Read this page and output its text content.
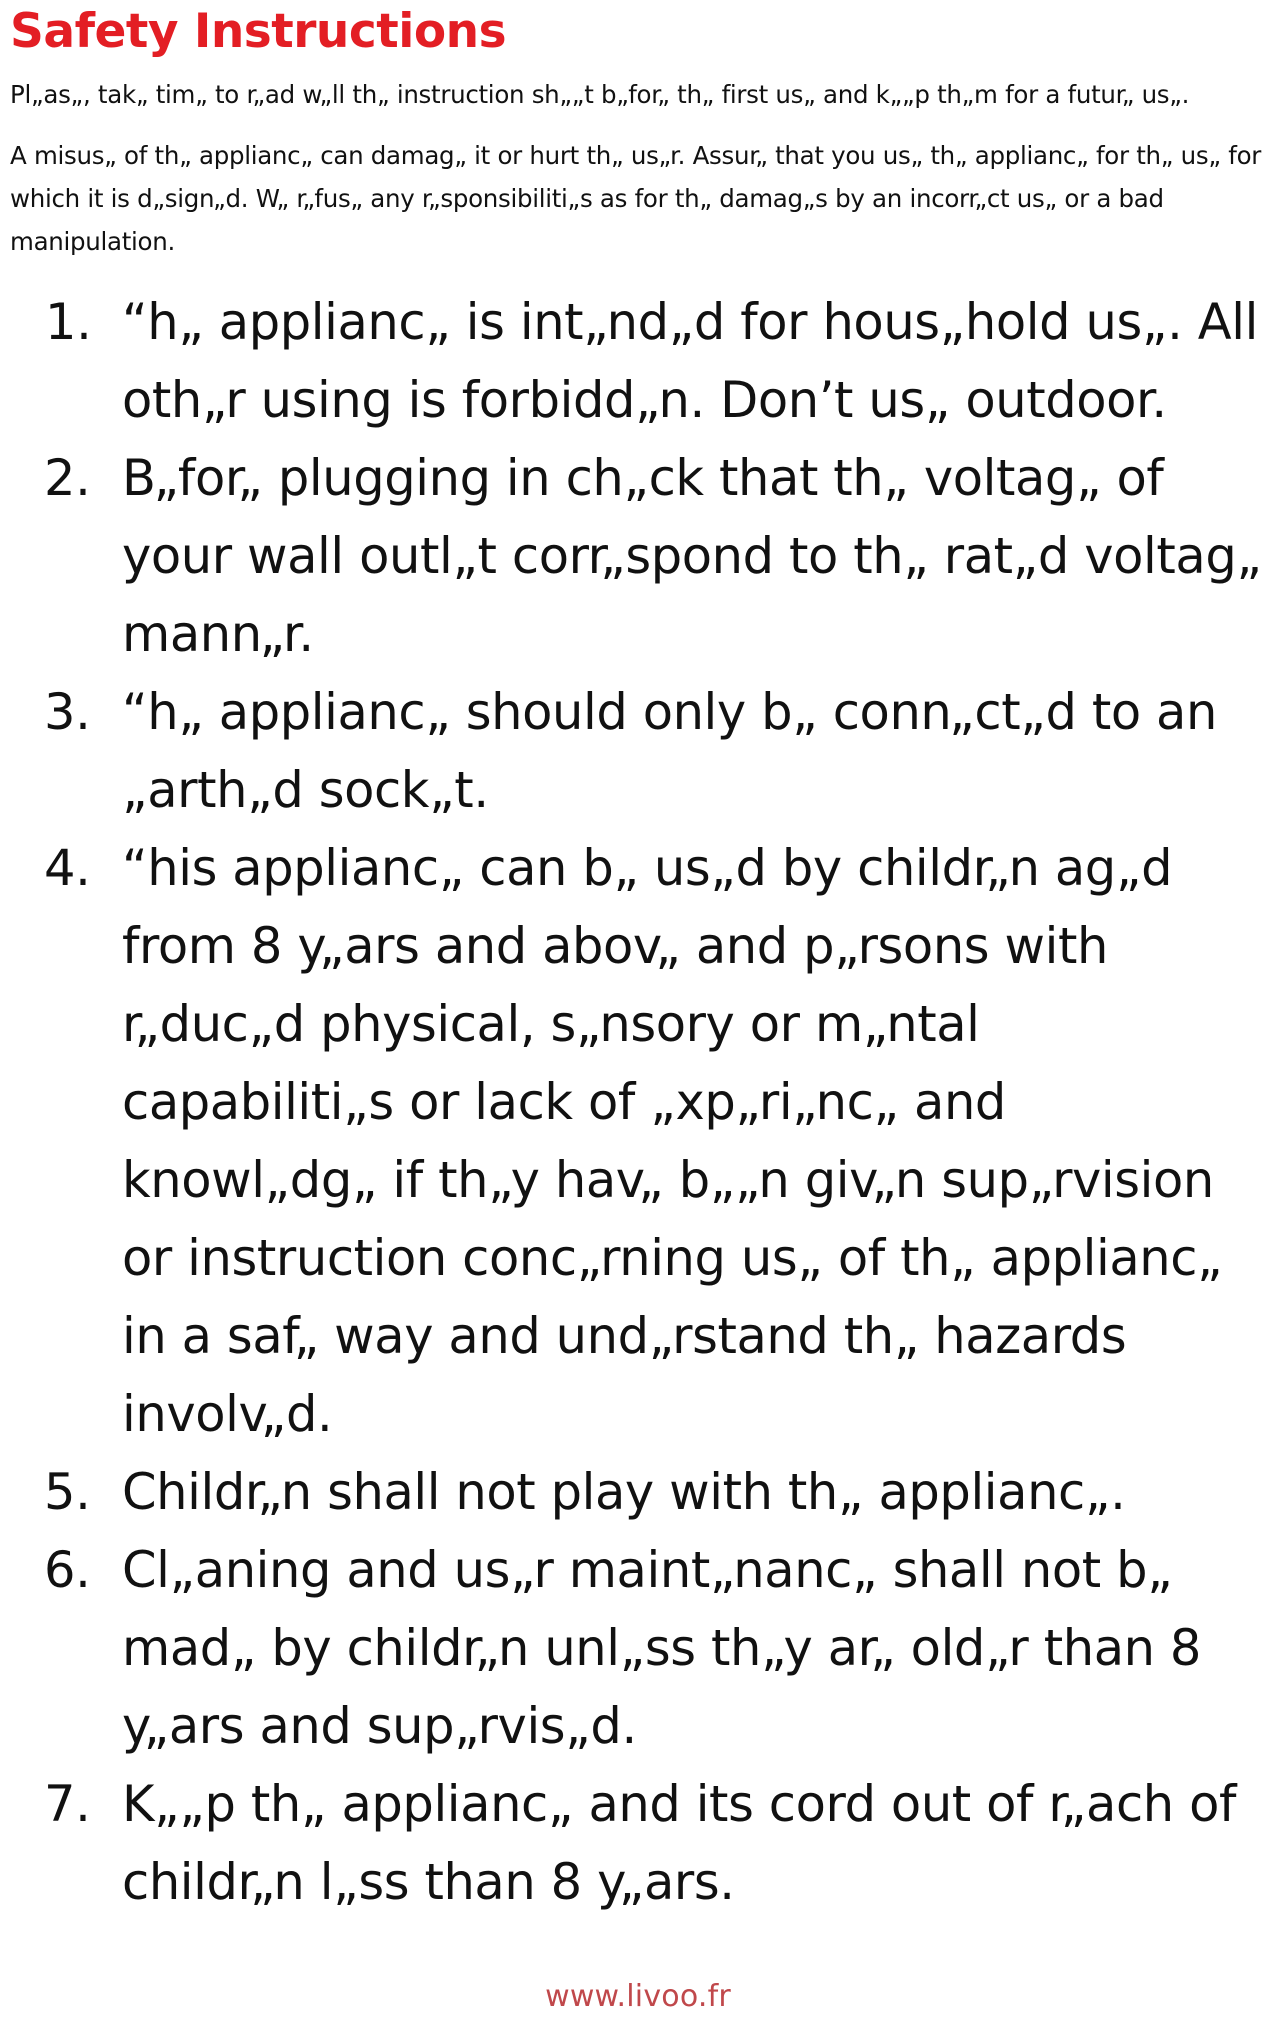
Safety Instructions

Pl„as„, tak„ tim„ to r„ad w„ll th„ instruction sh„„t b„for„ th„ first us„ and k„„p th„m for a futur„ us„.

A misus„ of th„ applianc„ can damag„ it or hurt th„ us„r. Assur„ that you us„ th„ applianc„ for th„ us„ for which it is d„sign„d. W„ r„fus„ any r„sponsibiliti„s as for th„ damag„s by an incorr„ct us„ or a bad manipulation.

1. “h„ applianc„ is int„nd„d for hous„hold us„. All oth„r using is forbidd„n. Don’t us„ outdoor.
2. B„for„ plugging in ch„ck that th„ voltag„ of your wall outl„t corr„spond to th„ rat„d voltag„ mann„r.
3. “h„ applianc„ should only b„ conn„ct„d to an „arth„d sock„t.
4. “his applianc„ can b„ us„d by childr„n ag„d from 8 y„ars and abov„ and p„rsons with r„duc„d physical, s„nsory or m„ntal capabiliti„s or lack of „xp„ri„nc„ and knowl„dg„ if th„y hav„ b„„n giv„n sup„rvision or instruction conc„rning us„ of th„ applianc„ in a saf„ way and und„rstand th„ hazards involv„d.
5. Childr„n shall not play with th„ applianc„.
6. Cl„aning and us„r maint„nanc„ shall not b„ mad„ by childr„n unl„ss th„y ar„ old„r than 8 y„ars and sup„rvis„d.
7. K„„p th„ applianc„ and its cord out of r„ach of childr„n l„ss than 8 y„ars.
www.livoo.fr
